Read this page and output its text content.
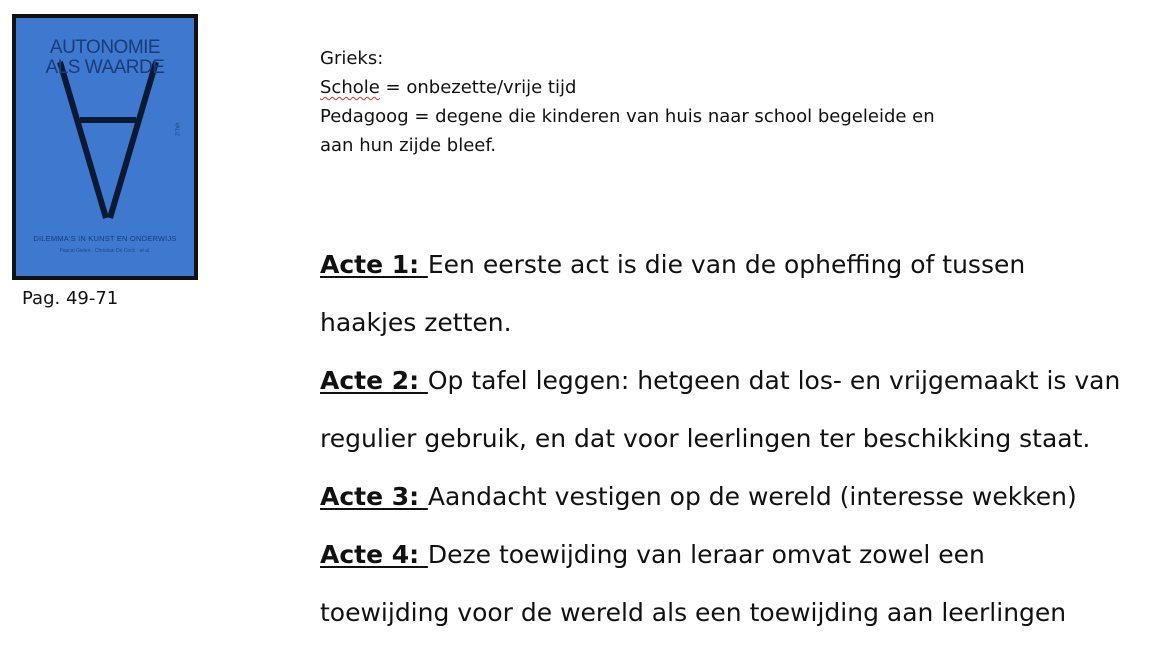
AUTONOMIE
ALS WAARDE
DILEMMA'S IN KUNST EN ONDERWIJS
Pascal Gielen · Christian De Cock · et al.
VALIZ
Pag. 49-71
Grieks:
Schole = onbezette/vrije tijd
Pedagoog = degene die kinderen van huis naar school begeleide en
aan hun zijde bleef.
Acte 1: Een eerste act is die van de opheffing of tussen
haakjes zetten.
Acte 2: Op tafel leggen: hetgeen dat los- en vrijgemaakt is van
regulier gebruik, en dat voor leerlingen ter beschikking staat.
Acte 3: Aandacht vestigen op de wereld (interesse wekken)
Acte 4: Deze toewijding van leraar omvat zowel een
toewijding voor de wereld als een toewijding aan leerlingen
